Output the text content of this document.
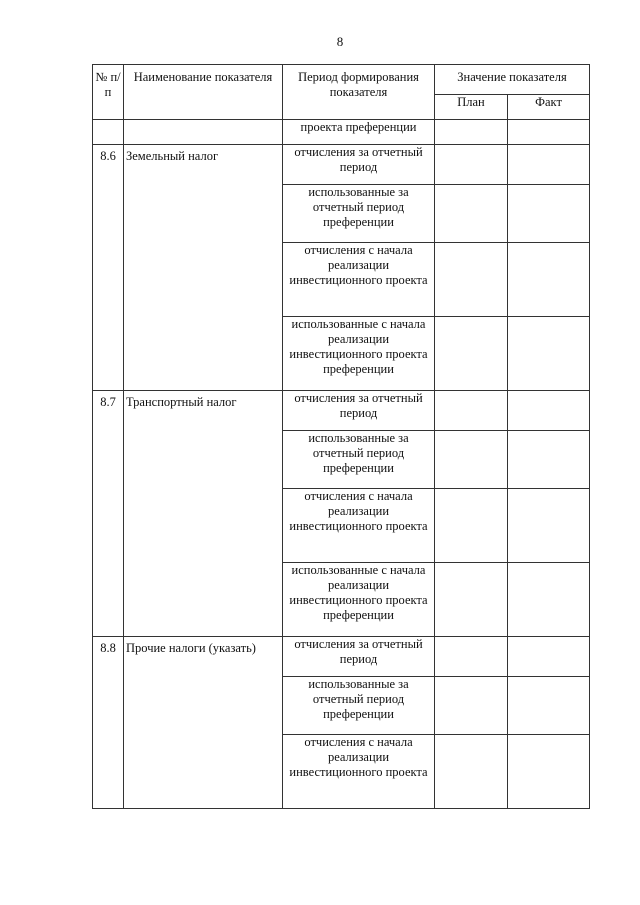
8
№ п/п	Наименование показателя	Период формирования показателя	Значение показателя	
			План	Факт
		проекта преференции		
8.6	Земельный налог	отчисления за отчетный период		
		использованные за отчетный период преференции		
		отчисления с начала реализации инвестиционного проекта		
		использованные с начала реализации инвестиционного проекта преференции		
8.7	Транспортный налог	отчисления за отчетный период		
		использованные за отчетный период преференции		
		отчисления с начала реализации инвестиционного проекта		
		использованные с начала реализации инвестиционного проекта преференции		
8.8	Прочие налоги (указать)	отчисления за отчетный период		
		использованные за отчетный период преференции		
		отчисления с начала реализации инвестиционного проекта		
